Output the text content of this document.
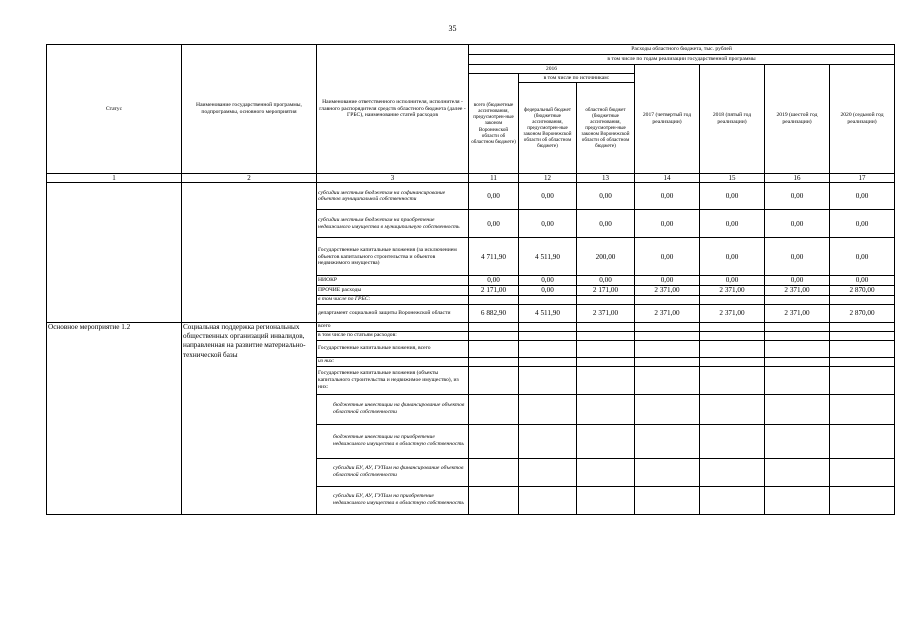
35
Статус	Наименование государственной программы, подпрограммы, основного мероприятия	Наименование ответственного исполнителя, исполнителя - главного распорядителя средств областного бюджета (далее - ГРБС), наименование статей расходов	Расходы областного бюджета, тыс. рублей						
			в том числе по годам реализации государственной программы						
			2016			2017 (четвертый год реализации)	2018 (пятый год реализации)	2019 (шестой год реализации)	2020 (седьмой год реализации)
			всего (бюджетные ассигнования, предусмотрен-ные законом Воронежской области об областном бюджете)	в том числе по источникам:					
				федеральный бюджет (бюджетные ассигнования, предусмотрен-ные законом Воронежской области об областном бюджете)	областной бюджет (бюджетные ассигнования, предусмотрен-ные законом Воронежской области об областном бюджете)				

1	2	3	11	12	13	14	15	16	17
		субсидии местным бюджетам на софинансирование объектов муниципальной собственности	0,00	0,00	0,00	0,00	0,00	0,00	0,00
		субсидии местным бюджетам на приобретение недвижимого имущества в муниципальную собственность	0,00	0,00	0,00	0,00	0,00	0,00	0,00
		Государственные капитальные вложения (за исключением объектов капитального строительства и объектов недвижимого имущества)	4 711,90	4 511,90	200,00	0,00	0,00	0,00	0,00
		НИОКР	0,00	0,00	0,00	0,00	0,00	0,00	0,00
		ПРОЧИЕ расходы	2 171,00	0,00	2 171,00	2 371,00	2 371,00	2 371,00	2 870,00
		в том числе по ГРБС:							
		департамент социальной защиты Воронежской области	6 882,90	4 511,90	2 371,00	2 371,00	2 371,00	2 371,00	2 870,00
Основное мероприятие 1.2	Социальная поддержка региональных общественных организаций инвалидов, направленная на развитие материально-технической базы	всего							
		в том числе по статьям расходов:							
		Государственные капитальные вложения, всего							
		из них:							
		Государственные капитальные вложения (объекты капитального строительства и недвижимое имущество), из них:							
		бюджетные инвестиции на финансирование объектов областной собственности							
		бюджетные инвестиции на приобретение недвижимого имущества в областную собственность							
		субсидии БУ, АУ, ГУПам на финансирование объектов областной собственности							
		субсидии БУ, АУ, ГУПам на приобретение недвижимого имущества в областную собственность							
